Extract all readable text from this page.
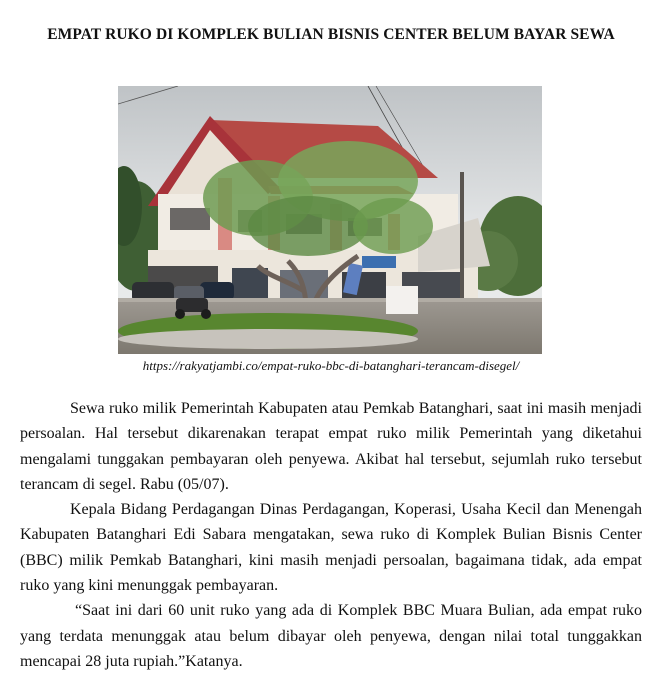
EMPAT RUKO DI KOMPLEK BULIAN BISNIS CENTER BELUM BAYAR SEWA
https://rakyatjambi.co/empat-ruko-bbc-di-batanghari-terancam-disegel/

Sewa ruko milik Pemerintah Kabupaten atau Pemkab Batanghari, saat ini masih menjadi persoalan. Hal tersebut dikarenakan terapat empat ruko milik Pemerintah yang diketahui mengalami tunggakan pembayaran oleh penyewa. Akibat hal tersebut, sejumlah ruko tersebut terancam di segel. Rabu (05/07).

Kepala Bidang Perdagangan Dinas Perdagangan, Koperasi, Usaha Kecil dan Menengah Kabupaten Batanghari Edi Sabara mengatakan, sewa ruko di Komplek Bulian Bisnis Center (BBC) milik Pemkab Batanghari, kini masih menjadi persoalan, bagaimana tidak, ada empat ruko yang kini menunggak pembayaran.

“Saat ini dari 60 unit ruko yang ada di Komplek BBC Muara Bulian, ada empat ruko yang terdata menunggak atau belum dibayar oleh penyewa, dengan nilai total tunggakkan mencapai 28 juta rupiah.”Katanya.
